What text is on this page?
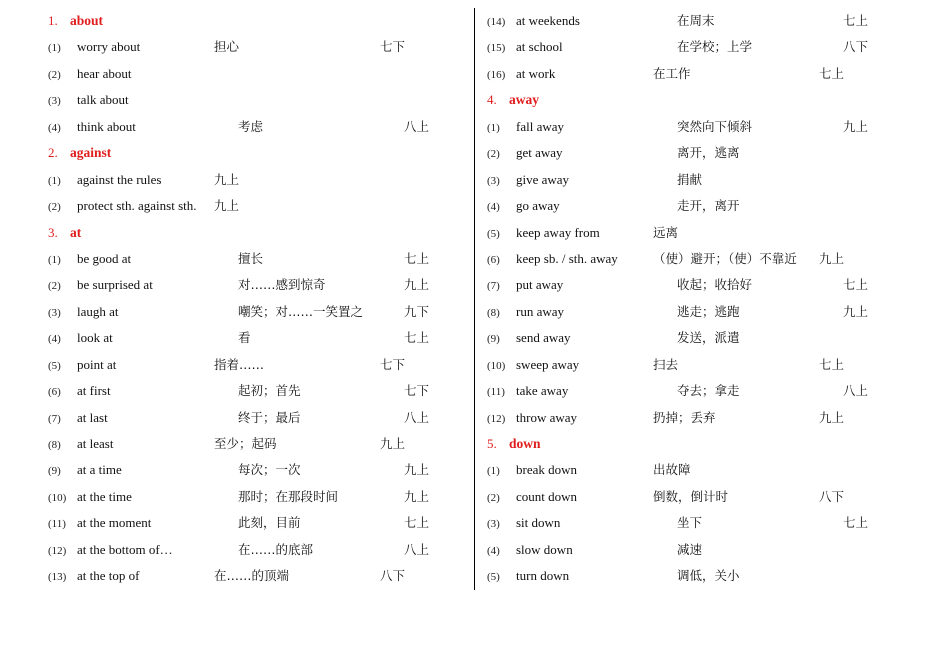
1. about
(1) worry about	担心	七下
(2) hear about
(3) talk about
(4) think about	考虑	八上
2. against
(1) against the rules	九上
(2) protect sth. against sth. 九上
3. at
(1) be good at	擅长	七上
(2) be surprised at	对……感到惊奇	九上
(3) laugh at	嘲笑；对……一笑置之	九下
(4) look at	看	七上
(5) point at	指着……	七下
(6) at first	起初；首先	七下
(7) at last	终于；最后	八上
(8) at least	至少；起码	九上
(9) at a time	每次；一次	九上
(10) at the time	那时；在那段时间	九上
(11) at the moment	此刻，目前	七上
(12) at the bottom of…	在……的底部	八上
(13) at the top of	在……的顶端	八下
(14) at weekends	在周末	七上
(15) at school	在学校；上学	八下
(16) at work	在工作	七上
4. away
(1) fall away	突然向下倾斜	九上
(2) get away	离开，逃离
(3) give away	捐献
(4) go away	走开，离开
(5) keep away from	远离
(6) keep sb. / sth. away	（使）避开；（使）不靠近 九上
(7) put away	收起；收拾好	七上
(8) run away	逃走；逃跑	九上
(9) send away	发送，派遣
(10) sweep away	扫去	七上
(11) take away	夺去；拿走	八上
(12) throw away	扔掉；丢弃	九上
5. down
(1) break down	出故障
(2) count down	倒数，倒计时	八下
(3) sit down	坐下	七上
(4) slow down	减速
(5) turn down	调低，关小
